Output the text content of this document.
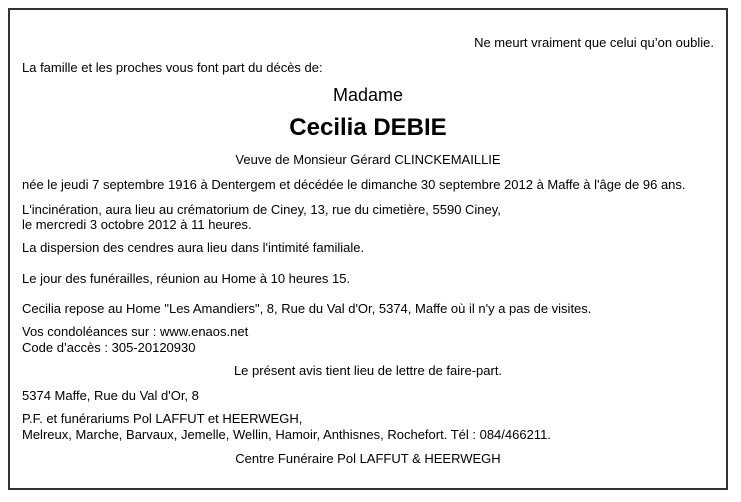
Ne meurt vraiment que celui qu’on oublie.
La famille et les proches vous font part du décès de:
Madame
Cecilia DEBIE
Veuve de Monsieur Gérard CLINCKEMAILLIE
née le jeudi 7 septembre 1916 à Dentergem et décédée le dimanche 30 septembre 2012 à Maffe à l'âge de 96 ans.
L'incinération, aura lieu au crématorium de Ciney, 13, rue du cimetière, 5590 Ciney,
le mercredi 3 octobre 2012 à 11 heures.
La dispersion des cendres aura lieu dans l'intimité familiale.
Le jour des funérailles, réunion au Home à 10 heures 15.
Cecilia repose au Home "Les Amandiers", 8, Rue du Val d'Or, 5374, Maffe où il n'y a pas de visites.
Vos condoléances sur : www.enaos.net
Code d’accès : 305-20120930
Le présent avis tient lieu de lettre de faire-part.
5374 Maffe, Rue du Val d'Or, 8
P.F. et funérariums Pol LAFFUT et HEERWEGH,
Melreux, Marche, Barvaux, Jemelle, Wellin, Hamoir, Anthisnes, Rochefort. Tél : 084/466211.
Centre Funéraire Pol LAFFUT & HEERWEGH
